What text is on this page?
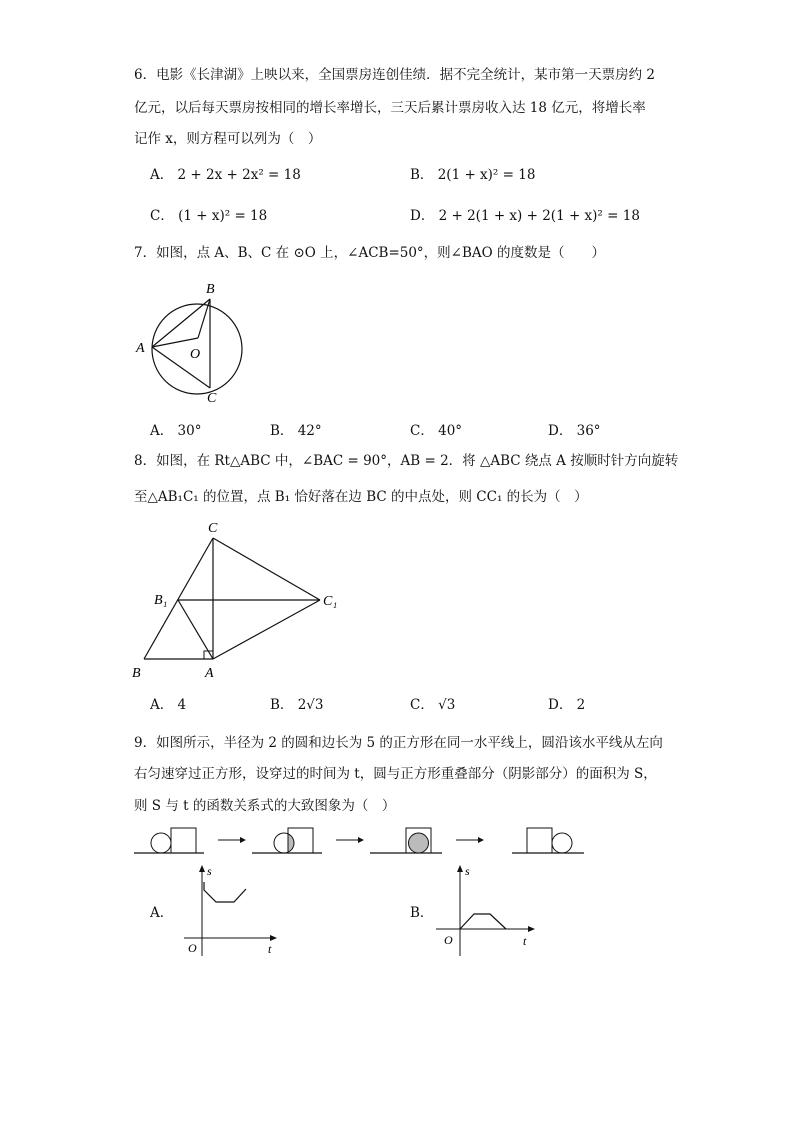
6．电影《长津湖》上映以来，全国票房连创佳绩．据不完全统计，某市第一天票房约 2
亿元，以后每天票房按相同的增长率增长，三天后累计票房收入达 18 亿元，将增长率
记作 x，则方程可以列为（　）
A． 2 + 2x + 2x² = 18	B． 2(1 + x)² = 18
C． (1 + x)² = 18	D． 2 + 2(1 + x) + 2(1 + x)² = 18
7．如图，点 A、B、C 在 ⊙O 上，∠ACB=50°，则∠BAO 的度数是（　　）
B
A	O
C
A． 30°	B． 42°	C． 40°	D． 36°
8．如图，在 Rt△ABC 中，∠BAC = 90°，AB = 2．将 △ABC 绕点 A 按顺时针方向旋转
至△AB₁C₁ 的位置，点 B₁ 恰好落在边 BC 的中点处，则 CC₁ 的长为（　）
C
B₁	C₁
B	A
A． 4	B． 2√3	C． √3	D． 2
9．如图所示，半径为 2 的圆和边长为 5 的正方形在同一水平线上，圆沿该水平线从左向
右匀速穿过正方形，设穿过的时间为 t，圆与正方形重叠部分（阴影部分）的面积为 S，
则 S 与 t 的函数关系式的大致图象为（　）
A．
s
t
O
B．
s
t
O
